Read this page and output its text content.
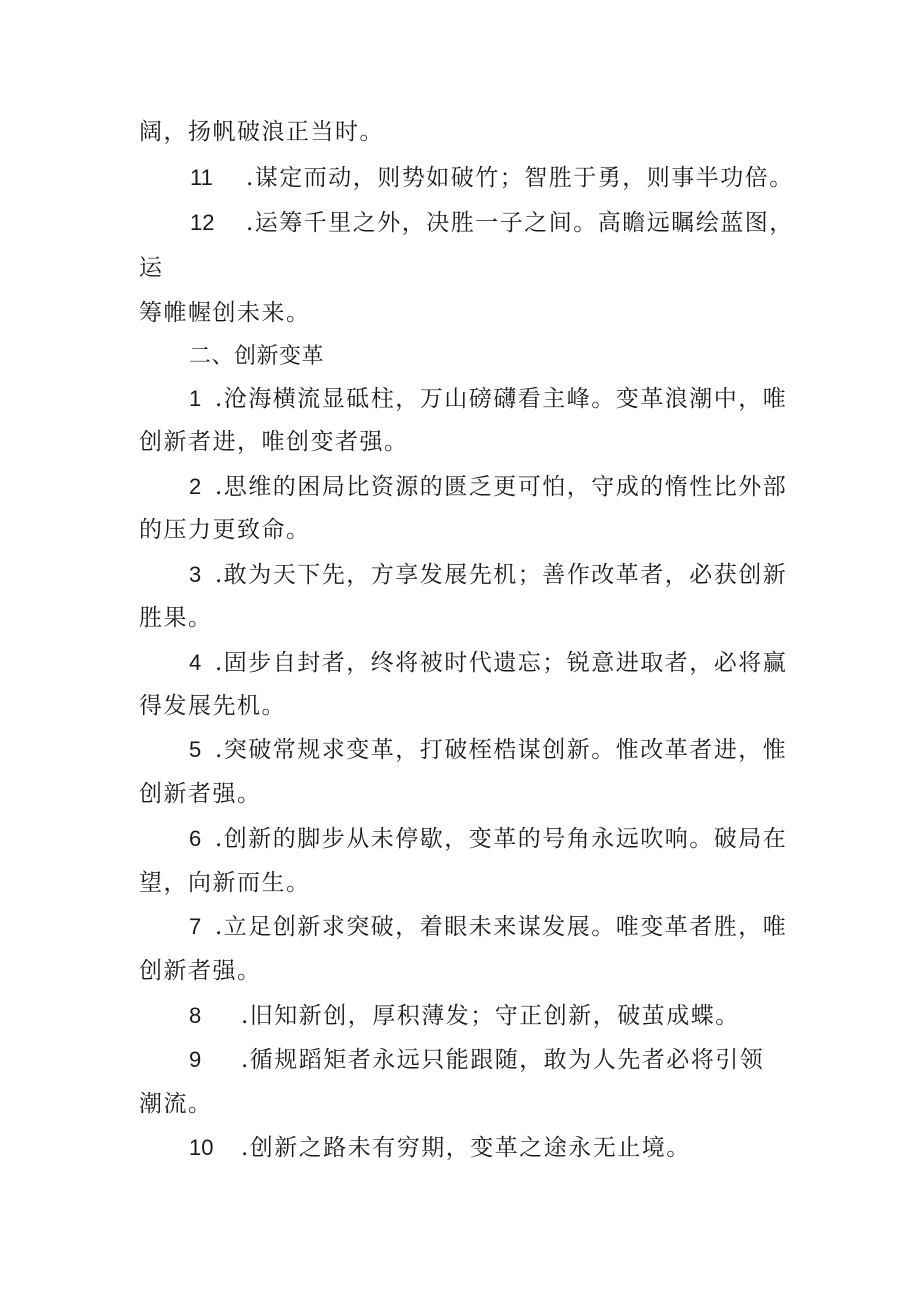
阔，扬帆破浪正当时。
11 .谋定而动，则势如破竹；智胜于勇，则事半功倍。
12 .运筹千里之外，决胜一子之间。高瞻远瞩绘蓝图，
运
筹帷幄创未来。
二、创新变革
1 .沧海横流显砥柱，万山磅礴看主峰。变革浪潮中，唯
创新者进，唯创变者强。
2 .思维的困局比资源的匮乏更可怕，守成的惰性比外部
的压力更致命。
3 .敢为天下先，方享发展先机；善作改革者，必获创新
胜果。
4 .固步自封者，终将被时代遗忘；锐意进取者，必将赢
得发展先机。
5 .突破常规求变革，打破桎梏谋创新。惟改革者进，惟
创新者强。
6 .创新的脚步从未停歇，变革的号角永远吹响。破局在
望，向新而生。
7 .立足创新求突破，着眼未来谋发展。唯变革者胜，唯
创新者强。
8 .旧知新创，厚积薄发；守正创新，破茧成蝶。
9 .循规蹈矩者永远只能跟随，敢为人先者必将引领
潮流。
10 .创新之路未有穷期，变革之途永无止境。
